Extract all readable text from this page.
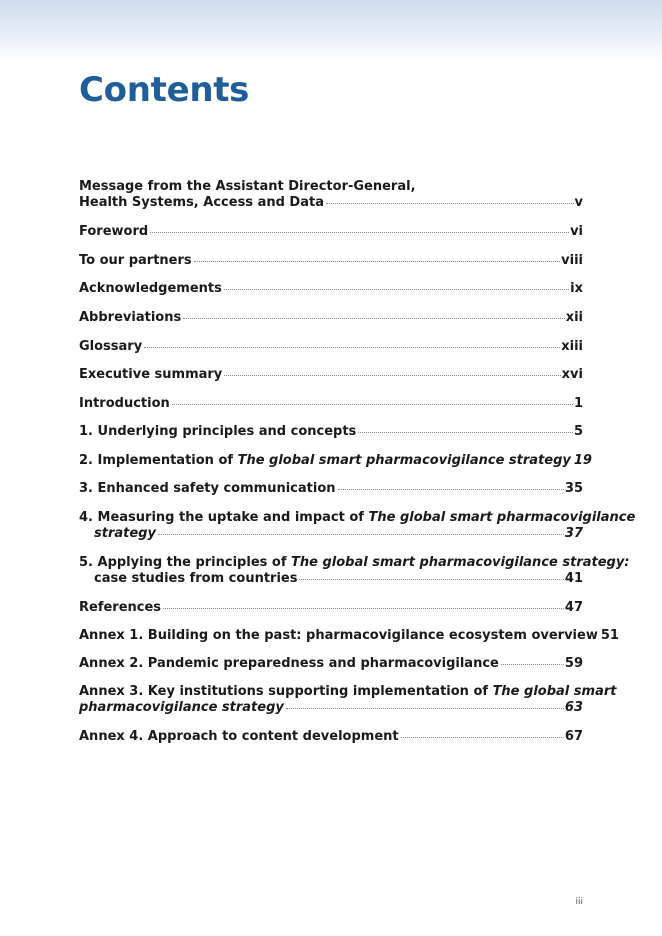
Contents
Message from the Assistant Director-General,
Health Systems, Access and Data	v
Foreword	vi
To our partners	viii
Acknowledgements	ix
Abbreviations	xii
Glossary	xiii
Executive summary	xvi
Introduction	1
1. Underlying principles and concepts	5
2. Implementation of The global smart pharmacovigilance strategy 19
3. Enhanced safety communication	35
4. Measuring the uptake and impact of The global smart pharmacovigilance
strategy	37
5. Applying the principles of The global smart pharmacovigilance strategy:
case studies from countries	41
References	47
Annex 1. Building on the past: pharmacovigilance ecosystem overview 51
Annex 2. Pandemic preparedness and pharmacovigilance	59
Annex 3. Key institutions supporting implementation of The global smart
pharmacovigilance strategy	63
Annex 4. Approach to content development	67
iii
